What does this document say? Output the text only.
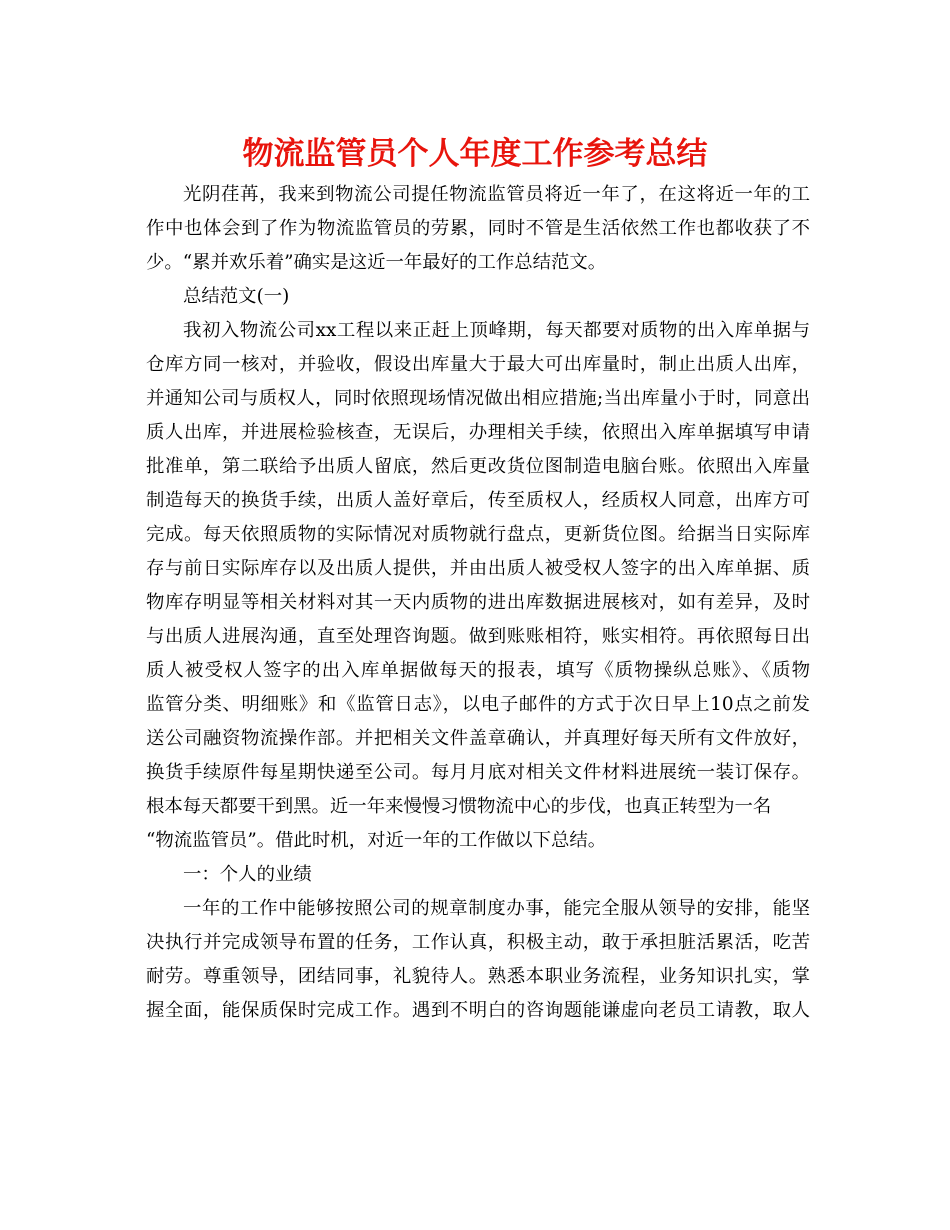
物流监管员个人年度工作参考总结

光阴荏苒，我来到物流公司提任物流监管员将近一年了，在这将近一年的工

作中也体会到了作为物流监管员的劳累，同时不管是生活依然工作也都收获了不

少。“累并欢乐着”确实是这近一年最好的工作总结范文。

总结范文(一)

我初入物流公司xx工程以来正赶上顶峰期，每天都要对质物的出入库单据与

仓库方同一核对，并验收，假设出库量大于最大可出库量时，制止出质人出库，

并通知公司与质权人，同时依照现场情况做出相应措施;当出库量小于时，同意出

质人出库，并进展检验核查，无误后，办理相关手续，依照出入库单据填写申请

批准单，第二联给予出质人留底，然后更改货位图制造电脑台账。依照出入库量

制造每天的换货手续，出质人盖好章后，传至质权人，经质权人同意，出库方可

完成。每天依照质物的实际情况对质物就行盘点，更新货位图。给据当日实际库

存与前日实际库存以及出质人提供，并由出质人被受权人签字的出入库单据、质

物库存明显等相关材料对其一天内质物的进出库数据进展核对，如有差异，及时

与出质人进展沟通，直至处理咨询题。做到账账相符，账实相符。再依照每日出

质人被受权人签字的出入库单据做每天的报表，填写《质物操纵总账》、《质物

监管分类、明细账》和《监管日志》，以电子邮件的方式于次日早上10点之前发

送公司融资物流操作部。并把相关文件盖章确认，并真理好每天所有文件放好，

换货手续原件每星期快递至公司。每月月底对相关文件材料进展统一装订保存。

根本每天都要干到黑。近一年来慢慢习惯物流中心的步伐，也真正转型为一名

“物流监管员”。借此时机，对近一年的工作做以下总结。

一：个人的业绩

一年的工作中能够按照公司的规章制度办事，能完全服从领导的安排，能坚

决执行并完成领导布置的任务，工作认真，积极主动，敢于承担脏活累活，吃苦

耐劳。尊重领导，团结同事，礼貌待人。熟悉本职业务流程，业务知识扎实，掌

握全面，能保质保时完成工作。遇到不明白的咨询题能谦虚向老员工请教，取人
